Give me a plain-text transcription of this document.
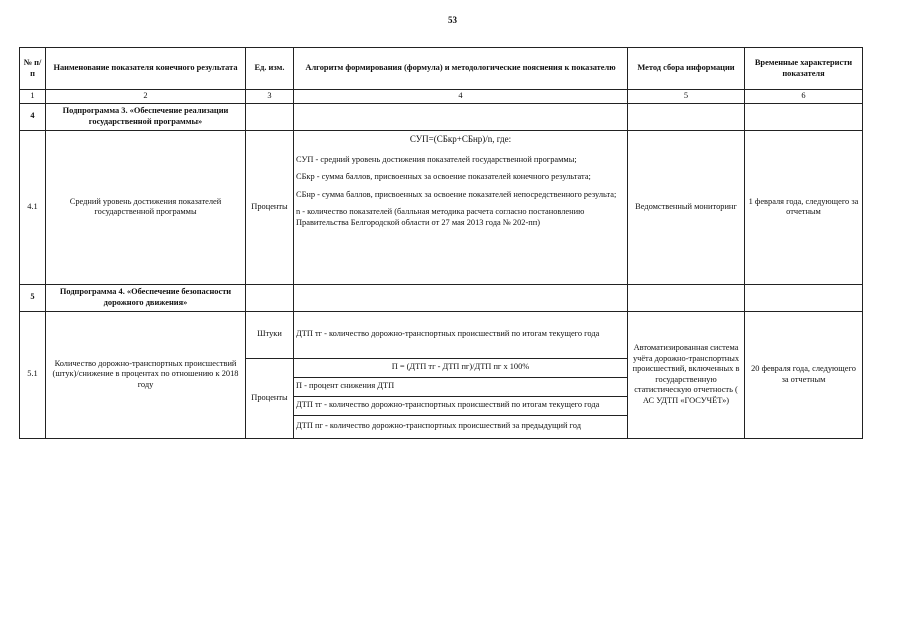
53
№ п/п	Наименование показателя конечного результата	Ед. изм.	Алгоритм формирования (формула) и методологические пояснения к показателю	Метод сбора информации	Временные характеристи показателя
1	2	3	4	5	6
4	Подпрограмма 3. «Обеспечение реализации государственной программы»				
4.1	Средний уровень достижения показателей государственной программы	Проценты	СУП=(СБкр+СБнр)/n, где:

СУП - средний уровень достижения показателей государственной программы;

СБкр - сумма баллов, присвоенных за освоение показателей конечного результата;

СБнр - сумма баллов, присвоенных за освоение показателей непосредственного результа;

n - количество показателей (балльная методика расчета согласно постановлению Правительства Белгородской области от 27 мая 2013 года № 202-пп)	Ведомственный мониторинг	1 февраля года, следующего за отчетным
5	Подпрограмма 4. «Обеспечение безопасности дорожного движения»				
5.1	Количество дорожно-транспортных происшествий (штук)/снижение в процентах по отношению к 2018 году	Штуки	ДТП тг - количество дорожно-транспортных происшествий по итогам текущего года	Автоматизированная система учёта дорожно-транспортных происшествий, включенных в государственную статистическую отчетность ( АС УДТП «ГОСУЧЁТ»)	20 февраля года, следующего за отчетным
		Проценты	П = (ДТП тг - ДТП пг)/ДТП пг х 100%		
			П - процент снижения ДТП		
			ДТП тг - количество дорожно-транспортных происшествий по итогам текущего года		
			ДТП пг - количество дорожно-транспортных происшествий за предыдущий год		
